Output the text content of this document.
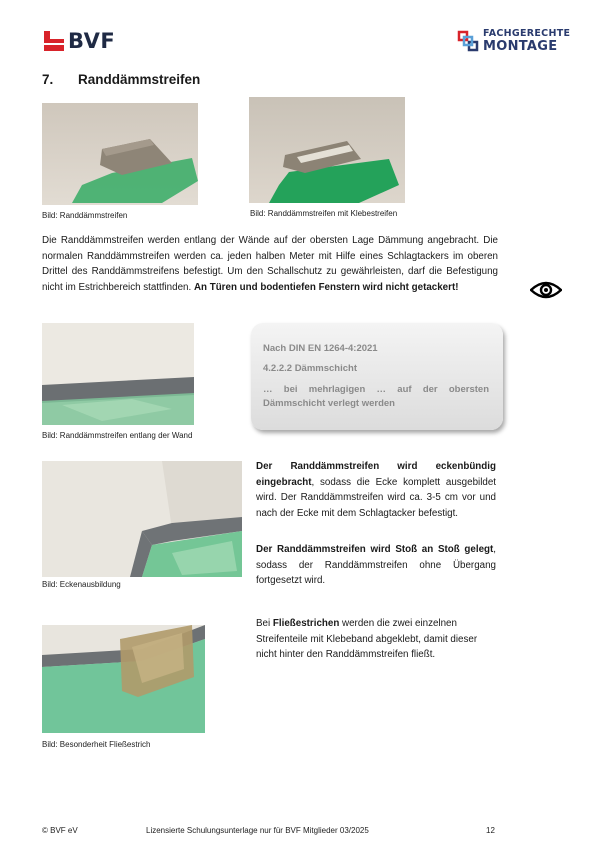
BVF	FACHGERECHTE
MONTAGE
7. Randdämmstreifen
Bild: Randdämmstreifen	Bild: Randdämmstreifen mit Klebestreifen
Die Randdämmstreifen werden entlang der Wände auf der obersten Lage Dämmung angebracht. Die normalen Randdämmstreifen werden ca. jeden halben Meter mit Hilfe eines Schlagtackers im oberen Drittel des Randdämmstreifens befestigt. Um den Schallschutz zu gewährleisten, darf die Befestigung nicht im Estrichbereich stattfinden. An Türen und bodentiefen Fenstern wird nicht getackert!
Bild: Randdämmstreifen entlang der Wand
Nach DIN EN 1264-4:2021
4.2.2.2 Dämmschicht
… bei mehrlagigen … auf der obersten Dämmschicht verlegt werden
Bild: Eckenausbildung
Der Randdämmstreifen wird eckenbündig eingebracht, sodass die Ecke komplett ausgebildet wird. Der Randdämmstreifen wird ca. 3-5 cm vor und nach der Ecke mit dem Schlagtacker befestigt.
Der Randdämmstreifen wird Stoß an Stoß gelegt, sodass der Randdämmstreifen ohne Übergang fortgesetzt wird.
Bild: Besonderheit Fließestrich
Bei Fließestrichen werden die zwei einzelnen Streifenteile mit Klebeband abgeklebt, damit dieser nicht hinter den Randdämmstreifen fließt.
© BVF eV	Lizensierte Schulungsunterlage nur für BVF Mitglieder 03/2025	12
